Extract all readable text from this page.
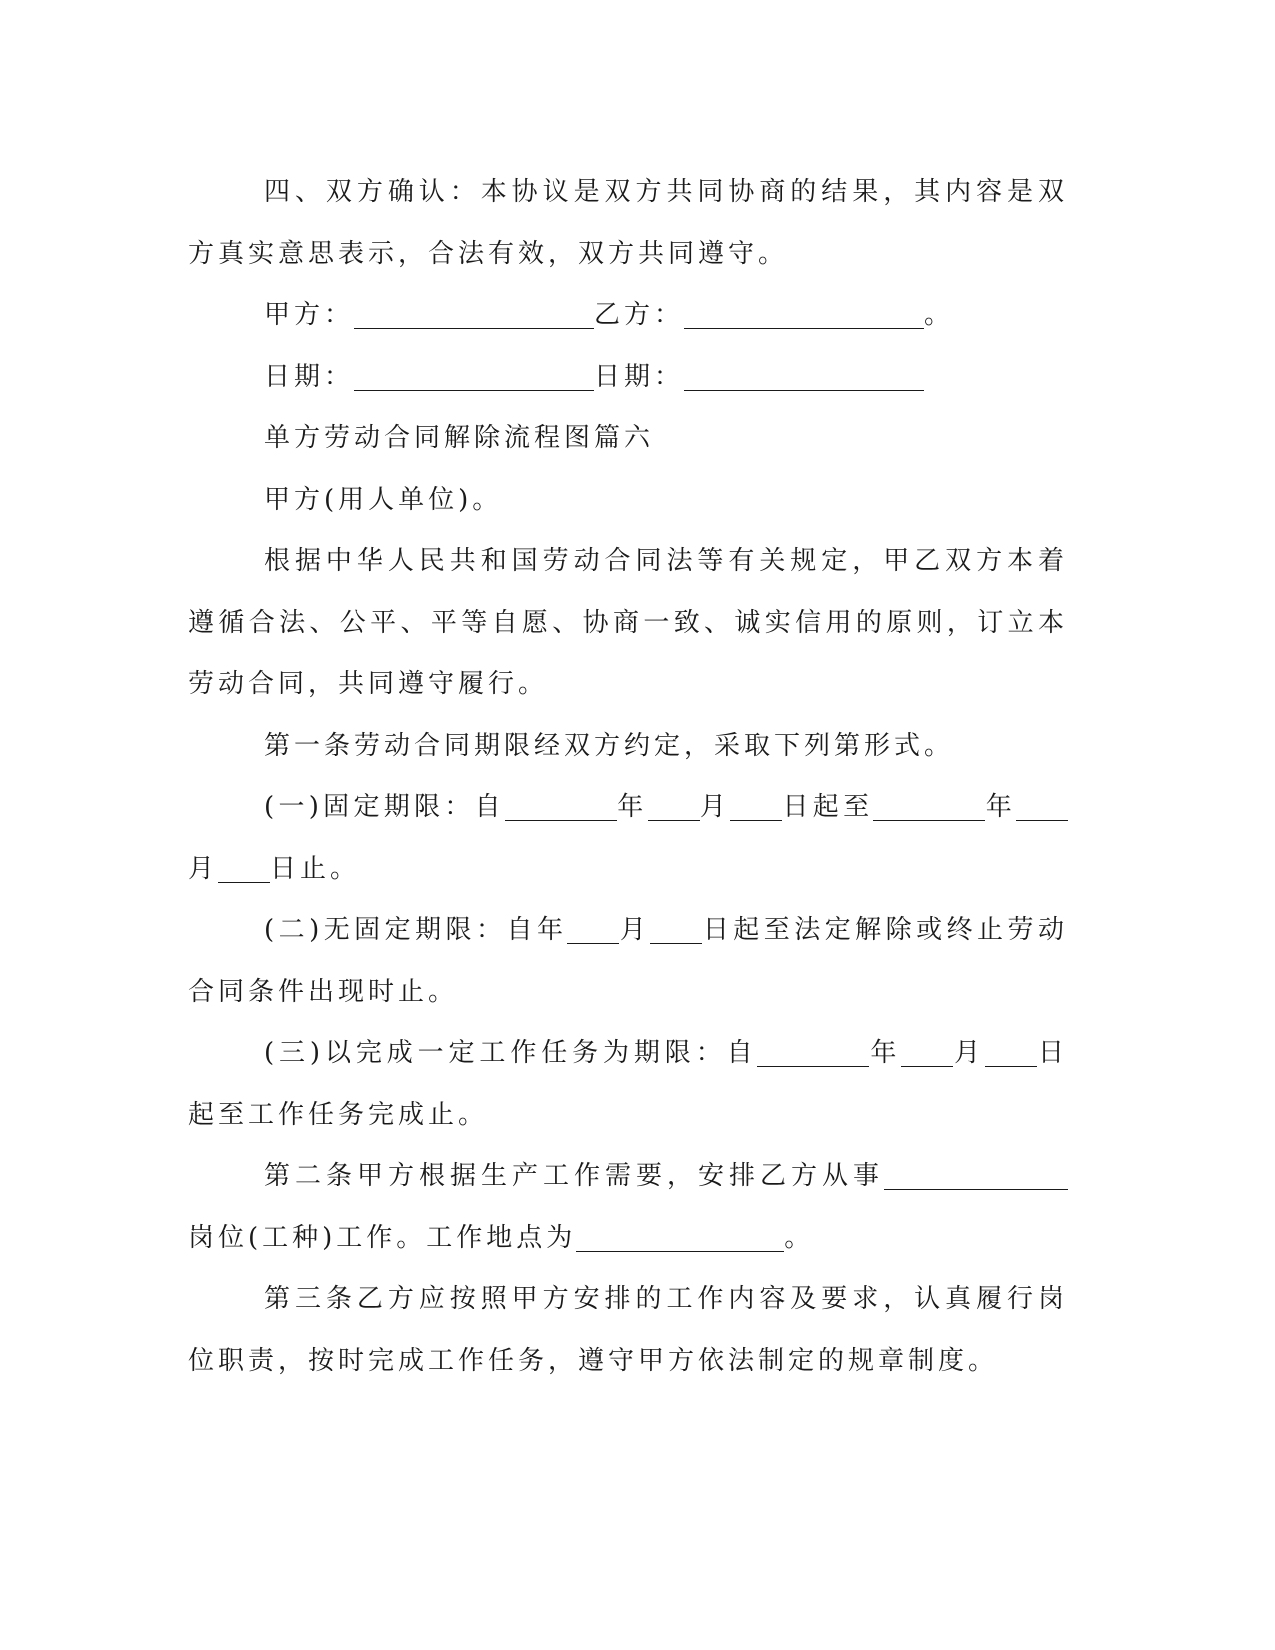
四、双方确认：本协议是双方共同协商的结果，其内容是双方真实意思表示，合法有效，双方共同遵守。

甲方：	乙方：	。

日期：	日期：

单方劳动合同解除流程图篇六

甲方(用人单位)。

根据中华人民共和国劳动合同法等有关规定，甲乙双方本着遵循合法、公平、平等自愿、协商一致、诚实信用的原则，订立本劳动合同，共同遵守履行。

第一条劳动合同期限经双方约定，采取下列第形式。

(一)固定期限：自	年 月 日起至	年月 日止。

(二)无固定期限：自年 月 日起至法定解除或终止劳动合同条件出现时止。

(三)以完成一定工作任务为期限：自	年 月 日起至工作任务完成止。

第二条甲方根据生产工作需要，安排乙方从事岗位(工种)工作。工作地点为	。

第三条乙方应按照甲方安排的工作内容及要求，认真履行岗位职责，按时完成工作任务，遵守甲方依法制定的规章制度。
